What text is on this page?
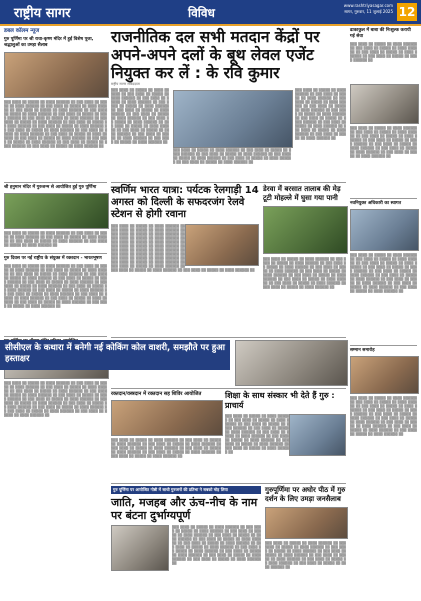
राष्ट्रीय सागर	विविध
www.rashtriyasagar.com
सागर, गुरुवार, 11 जुलाई 2025 12
डबल कॉलम न्यूज
गुरु पूर्णिमा पर श्री राधा-कृष्ण मंदिर में हुई विशेष पूजा, श्रद्धालुओं का उमड़ा सैलाब
▒▒▒ ▒▒▒▒ ▒▒ ▒▒▒▒▒ ▒▒ ▒▒▒▒ ▒▒▒▒▒▒ ▒▒ ▒▒▒ ▒▒▒▒ ▒▒ ▒▒▒▒▒ ▒▒ ▒▒▒▒ ▒▒▒▒▒▒ ▒▒ ▒▒▒ ▒▒▒▒ ▒▒ ▒▒▒▒▒ ▒▒ ▒▒▒▒ ▒▒▒▒▒▒ ▒▒ ▒▒▒ ▒▒▒▒ ▒▒ ▒▒▒▒▒ ▒▒ ▒▒▒▒ ▒▒▒▒▒▒ ▒▒ ▒▒▒ ▒▒▒▒ ▒▒ ▒▒▒▒▒ ▒▒ ▒▒▒▒ ▒▒▒▒▒▒ ▒▒ ▒▒▒ ▒▒▒▒ ▒▒ ▒▒▒▒▒ ▒▒ ▒▒▒▒ ▒▒▒▒▒▒ ▒▒ ▒▒▒ ▒▒▒▒ ▒▒ ▒▒▒▒▒ ▒▒ ▒▒▒▒ ▒▒▒▒▒▒ ▒▒ ▒▒▒ ▒▒▒▒ ▒▒ ▒▒▒▒▒ ▒▒ ▒▒▒▒ ▒▒▒▒▒▒ ▒▒ ▒▒▒ ▒▒▒▒ ▒▒ ▒▒▒▒▒ ▒▒ ▒▒▒▒ ▒▒▒▒▒▒ ▒▒ ▒▒▒ ▒▒▒▒ ▒▒ ▒▒▒▒▒ ▒▒ ▒▒▒▒ ▒▒▒▒▒▒ ▒▒ ▒▒▒ ▒▒▒▒ ▒▒ ▒▒▒▒▒ ▒▒ ▒▒▒▒ ▒▒▒▒▒▒ ▒▒ ▒▒▒ ▒▒▒▒ ▒▒ ▒▒▒▒▒ ▒▒ ▒▒▒▒ ▒▒▒▒▒▒ ▒▒ ▒▒▒ ▒▒▒▒ ▒▒ ▒▒▒▒▒ ▒▒ ▒▒▒▒ ▒▒▒▒▒▒ ▒▒ ▒▒▒ ▒▒▒▒ ▒▒ ▒▒▒▒▒ ▒▒ ▒▒▒▒ ▒▒▒▒▒▒ ▒▒ ▒▒▒ ▒▒▒▒ ▒▒ ▒▒▒▒▒ ▒▒ ▒▒▒▒ ▒▒▒▒▒▒ ▒▒ ▒▒▒ ▒▒▒▒ ▒▒ ▒▒▒▒▒ ▒▒ ▒▒▒▒ ▒▒▒▒▒▒ ▒▒ ▒▒▒ ▒▒▒▒ ▒▒ ▒▒▒▒▒ ▒▒ ▒▒▒▒ ▒▒▒▒▒▒ ▒▒
श्री हनुमान मंदिर में गुरुजन्म से आयोजित हुई गुरु पूर्णिमा
▒▒▒ ▒▒▒▒ ▒▒ ▒▒▒▒▒ ▒▒ ▒▒▒▒ ▒▒▒▒▒▒ ▒▒ ▒▒▒ ▒▒▒▒ ▒▒ ▒▒▒▒▒ ▒▒ ▒▒▒▒ ▒▒▒▒▒▒ ▒▒ ▒▒▒ ▒▒▒▒ ▒▒ ▒▒▒▒▒ ▒▒ ▒▒▒▒ ▒▒▒▒▒▒ ▒▒ ▒▒▒ ▒▒▒▒ ▒▒ ▒▒▒▒▒ ▒▒ ▒▒▒▒ ▒▒▒▒▒▒ ▒▒ ▒▒▒ ▒▒▒▒ ▒▒ ▒▒▒▒▒ ▒▒ ▒▒▒▒ ▒▒▒▒▒▒ ▒▒
गुरु दिवस पर नई राष्ट्रीय के संयुक्त में रक्तदान - भारतभूषण
▒▒▒ ▒▒▒▒ ▒▒ ▒▒▒▒▒ ▒▒ ▒▒▒▒ ▒▒▒▒▒▒ ▒▒ ▒▒▒ ▒▒▒▒ ▒▒ ▒▒▒▒▒ ▒▒ ▒▒▒▒ ▒▒▒▒▒▒ ▒▒ ▒▒▒ ▒▒▒▒ ▒▒ ▒▒▒▒▒ ▒▒ ▒▒▒▒ ▒▒▒▒▒▒ ▒▒ ▒▒▒ ▒▒▒▒ ▒▒ ▒▒▒▒▒ ▒▒ ▒▒▒▒ ▒▒▒▒▒▒ ▒▒ ▒▒▒ ▒▒▒▒ ▒▒ ▒▒▒▒▒ ▒▒ ▒▒▒▒ ▒▒▒▒▒▒ ▒▒ ▒▒▒ ▒▒▒▒ ▒▒ ▒▒▒▒▒ ▒▒ ▒▒▒▒ ▒▒▒▒▒▒ ▒▒ ▒▒▒ ▒▒▒▒ ▒▒ ▒▒▒▒▒ ▒▒ ▒▒▒▒ ▒▒▒▒▒▒ ▒▒ ▒▒▒ ▒▒▒▒ ▒▒ ▒▒▒▒▒ ▒▒ ▒▒▒▒ ▒▒▒▒▒▒ ▒▒ ▒▒▒ ▒▒▒▒ ▒▒ ▒▒▒▒▒ ▒▒ ▒▒▒▒ ▒▒▒▒▒▒ ▒▒ ▒▒▒ ▒▒▒▒ ▒▒ ▒▒▒▒▒ ▒▒ ▒▒▒▒ ▒▒▒▒▒▒ ▒▒ ▒▒▒ ▒▒▒▒ ▒▒ ▒▒▒▒▒ ▒▒ ▒▒▒▒ ▒▒▒▒▒▒ ▒▒ ▒▒▒ ▒▒▒▒ ▒▒ ▒▒▒▒▒ ▒▒ ▒▒▒▒ ▒▒▒▒▒▒ ▒▒ ▒▒▒ ▒▒▒▒ ▒▒ ▒▒▒▒▒ ▒▒ ▒▒▒▒ ▒▒▒▒▒▒ ▒▒ ▒▒▒ ▒▒▒▒ ▒▒ ▒▒▒▒▒ ▒▒ ▒▒▒▒ ▒▒▒▒▒▒ ▒▒ ▒▒▒ ▒▒▒▒ ▒▒ ▒▒▒▒▒ ▒▒ ▒▒▒▒ ▒▒▒▒▒▒ ▒▒
▒▒▒ ▒▒▒▒ ▒▒ ▒▒▒▒▒ ▒▒ ▒▒▒▒ ▒▒▒▒▒▒ ▒▒ ▒▒▒ ▒▒▒▒ ▒▒ ▒▒▒▒▒ ▒▒ ▒▒▒▒ ▒▒▒▒▒▒ ▒▒ ▒▒▒ ▒▒▒▒ ▒▒ ▒▒▒▒▒ ▒▒ ▒▒▒▒ ▒▒▒▒▒▒ ▒▒ ▒▒▒ ▒▒▒▒ ▒▒ ▒▒▒▒▒ ▒▒ ▒▒▒▒ ▒▒▒▒▒▒ ▒▒ ▒▒▒ ▒▒▒▒ ▒▒ ▒▒▒▒▒ ▒▒ ▒▒▒▒ ▒▒▒▒▒▒ ▒▒ ▒▒▒ ▒▒▒▒ ▒▒ ▒▒▒▒▒ ▒▒ ▒▒▒▒ ▒▒▒▒▒▒ ▒▒ ▒▒▒ ▒▒▒▒ ▒▒ ▒▒▒▒▒ ▒▒ ▒▒▒▒ ▒▒▒▒▒▒ ▒▒ ▒▒▒ ▒▒▒▒ ▒▒ ▒▒▒▒▒ ▒▒ ▒▒▒▒ ▒▒▒▒▒▒ ▒▒ ▒▒▒ ▒▒▒▒ ▒▒ ▒▒▒▒▒ ▒▒ ▒▒▒▒ ▒▒▒▒▒▒ ▒▒ ▒▒▒ ▒▒▒▒ ▒▒ ▒▒▒▒▒ ▒▒ ▒▒▒▒ ▒▒▒▒▒▒ ▒▒ ▒▒▒ ▒▒▒▒ ▒▒ ▒▒▒▒▒ ▒▒ ▒▒▒▒ ▒▒▒▒▒▒ ▒▒ ▒▒▒ ▒▒▒▒ ▒▒ ▒▒▒▒▒ ▒▒ ▒▒▒▒ ▒▒▒▒▒▒ ▒▒
राजनीतिक दल सभी मतदान केंद्रों पर अपने-अपने दलों के बूथ लेवल एजेंट नियुक्त कर लें : के रवि कुमार
राष्ट्रीय सागर संवाददाता
▒▒▒ ▒▒▒▒ ▒▒ ▒▒▒▒▒ ▒▒ ▒▒▒▒ ▒▒▒▒▒▒ ▒▒ ▒▒▒ ▒▒▒▒ ▒▒ ▒▒▒▒▒ ▒▒ ▒▒▒▒ ▒▒▒▒▒▒ ▒▒ ▒▒▒ ▒▒▒▒ ▒▒ ▒▒▒▒▒ ▒▒ ▒▒▒▒ ▒▒▒▒▒▒ ▒▒ ▒▒▒ ▒▒▒▒ ▒▒ ▒▒▒▒▒ ▒▒ ▒▒▒▒ ▒▒▒▒▒▒ ▒▒ ▒▒▒ ▒▒▒▒ ▒▒ ▒▒▒▒▒ ▒▒ ▒▒▒▒ ▒▒▒▒▒▒ ▒▒ ▒▒▒ ▒▒▒▒ ▒▒ ▒▒▒▒▒ ▒▒ ▒▒▒▒ ▒▒▒▒▒▒ ▒▒ ▒▒▒ ▒▒▒▒ ▒▒ ▒▒▒▒▒ ▒▒ ▒▒▒▒ ▒▒▒▒▒▒ ▒▒ ▒▒▒ ▒▒▒▒ ▒▒ ▒▒▒▒▒ ▒▒ ▒▒▒▒ ▒▒▒▒▒▒ ▒▒ ▒▒▒ ▒▒▒▒ ▒▒ ▒▒▒▒▒ ▒▒ ▒▒▒▒ ▒▒▒▒▒▒ ▒▒ ▒▒▒ ▒▒▒▒ ▒▒ ▒▒▒▒▒ ▒▒ ▒▒▒▒ ▒▒▒▒▒▒ ▒▒ ▒▒▒ ▒▒▒▒ ▒▒ ▒▒▒▒▒ ▒▒ ▒▒▒▒ ▒▒▒▒▒▒ ▒▒
▒▒▒ ▒▒▒▒ ▒▒ ▒▒▒▒▒ ▒▒ ▒▒▒▒ ▒▒▒▒▒▒ ▒▒ ▒▒▒ ▒▒▒▒ ▒▒ ▒▒▒▒▒ ▒▒ ▒▒▒▒ ▒▒▒▒▒▒ ▒▒ ▒▒▒ ▒▒▒▒ ▒▒ ▒▒▒▒▒ ▒▒ ▒▒▒▒ ▒▒▒▒▒▒ ▒▒ ▒▒▒ ▒▒▒▒ ▒▒ ▒▒▒▒▒ ▒▒ ▒▒▒▒ ▒▒▒▒▒▒ ▒▒ ▒▒▒ ▒▒▒▒ ▒▒ ▒▒▒▒▒ ▒▒ ▒▒▒▒ ▒▒▒▒▒▒ ▒▒ ▒▒▒ ▒▒▒▒ ▒▒ ▒▒▒▒▒ ▒▒ ▒▒▒▒ ▒▒▒▒▒▒ ▒▒
▒▒▒ ▒▒▒▒ ▒▒ ▒▒▒▒▒ ▒▒ ▒▒▒▒ ▒▒▒▒▒▒ ▒▒ ▒▒▒ ▒▒▒▒ ▒▒ ▒▒▒▒▒ ▒▒ ▒▒▒▒ ▒▒▒▒▒▒ ▒▒ ▒▒▒ ▒▒▒▒ ▒▒ ▒▒▒▒▒ ▒▒ ▒▒▒▒ ▒▒▒▒▒▒ ▒▒ ▒▒▒ ▒▒▒▒ ▒▒ ▒▒▒▒▒ ▒▒ ▒▒▒▒ ▒▒▒▒▒▒ ▒▒ ▒▒▒ ▒▒▒▒ ▒▒ ▒▒▒▒▒ ▒▒ ▒▒▒▒ ▒▒▒▒▒▒ ▒▒ ▒▒▒ ▒▒▒▒ ▒▒ ▒▒▒▒▒ ▒▒ ▒▒▒▒ ▒▒▒▒▒▒ ▒▒ ▒▒▒ ▒▒▒▒ ▒▒ ▒▒▒▒▒ ▒▒ ▒▒▒▒ ▒▒▒▒▒▒ ▒▒ ▒▒▒ ▒▒▒▒ ▒▒ ▒▒▒▒▒ ▒▒ ▒▒▒▒ ▒▒▒▒▒▒ ▒▒ ▒▒▒ ▒▒▒▒ ▒▒ ▒▒▒▒▒ ▒▒ ▒▒▒▒ ▒▒▒▒▒▒ ▒▒
स्वर्णिम भारत यात्रा: पर्यटक रेलगाड़ी 14 अगस्त को दिल्ली के सफदरजंग रेलवे स्टेशन से होगी रवाना
▒▒▒ ▒▒▒▒ ▒▒ ▒▒▒▒▒ ▒▒ ▒▒▒▒ ▒▒▒▒▒▒ ▒▒ ▒▒▒ ▒▒▒▒ ▒▒ ▒▒▒▒▒ ▒▒ ▒▒▒▒ ▒▒▒▒▒▒ ▒▒ ▒▒▒ ▒▒▒▒ ▒▒ ▒▒▒▒▒ ▒▒ ▒▒▒▒ ▒▒▒▒▒▒ ▒▒ ▒▒▒ ▒▒▒▒ ▒▒ ▒▒▒▒▒ ▒▒ ▒▒▒▒ ▒▒▒▒▒▒ ▒▒ ▒▒▒ ▒▒▒▒ ▒▒ ▒▒▒▒▒ ▒▒ ▒▒▒▒ ▒▒▒▒▒▒ ▒▒ ▒▒▒ ▒▒▒▒ ▒▒ ▒▒▒▒▒ ▒▒ ▒▒▒▒ ▒▒▒▒▒▒ ▒▒ ▒▒▒ ▒▒▒▒ ▒▒ ▒▒▒▒▒ ▒▒ ▒▒▒▒ ▒▒▒▒▒▒ ▒▒ ▒▒▒ ▒▒▒▒ ▒▒ ▒▒▒▒▒ ▒▒ ▒▒▒▒ ▒▒▒▒▒▒ ▒▒ ▒▒▒ ▒▒▒▒ ▒▒ ▒▒▒▒▒ ▒▒ ▒▒▒▒ ▒▒▒▒▒▒ ▒▒ ▒▒▒ ▒▒▒▒ ▒▒ ▒▒▒▒▒ ▒▒ ▒▒▒▒ ▒▒▒▒▒▒ ▒▒ ▒▒▒ ▒▒▒▒ ▒▒ ▒▒▒▒▒ ▒▒ ▒▒▒▒ ▒▒▒▒▒▒ ▒▒ ▒▒▒ ▒▒▒▒ ▒▒ ▒▒▒▒▒ ▒▒ ▒▒▒▒ ▒▒▒▒▒▒ ▒▒ ▒▒▒ ▒▒▒▒ ▒▒ ▒▒▒▒▒ ▒▒ ▒▒▒▒ ▒▒▒▒▒▒ ▒▒
डेरवा में बरसात तालाब की मेड़ टूटी मोहल्ले में घुसा गया पानी
▒▒▒ ▒▒▒▒ ▒▒ ▒▒▒▒▒ ▒▒ ▒▒▒▒ ▒▒▒▒▒▒ ▒▒ ▒▒▒ ▒▒▒▒ ▒▒ ▒▒▒▒▒ ▒▒ ▒▒▒▒ ▒▒▒▒▒▒ ▒▒ ▒▒▒ ▒▒▒▒ ▒▒ ▒▒▒▒▒ ▒▒ ▒▒▒▒ ▒▒▒▒▒▒ ▒▒ ▒▒▒ ▒▒▒▒ ▒▒ ▒▒▒▒▒ ▒▒ ▒▒▒▒ ▒▒▒▒▒▒ ▒▒ ▒▒▒ ▒▒▒▒ ▒▒ ▒▒▒▒▒ ▒▒ ▒▒▒▒ ▒▒▒▒▒▒ ▒▒ ▒▒▒ ▒▒▒▒ ▒▒ ▒▒▒▒▒ ▒▒ ▒▒▒▒ ▒▒▒▒▒▒ ▒▒ ▒▒▒ ▒▒▒▒ ▒▒ ▒▒▒▒▒ ▒▒ ▒▒▒▒ ▒▒▒▒▒▒ ▒▒ ▒▒▒ ▒▒▒▒ ▒▒ ▒▒▒▒▒ ▒▒ ▒▒▒▒ ▒▒▒▒▒▒ ▒▒ ▒▒▒ ▒▒▒▒ ▒▒ ▒▒▒▒▒ ▒▒ ▒▒▒▒ ▒▒▒▒▒▒ ▒▒
सीसीएल के कथारा में बनेगी नई कोकिंग कोल वाशरी, समझौते पर हुआ हस्ताक्षर
रक्तदान/वस्त्रदान में रक्तदान सह शिविर आयोजित
▒▒▒ ▒▒▒▒ ▒▒ ▒▒▒▒▒ ▒▒ ▒▒▒▒ ▒▒▒▒▒▒ ▒▒ ▒▒▒ ▒▒▒▒ ▒▒ ▒▒▒▒▒ ▒▒ ▒▒▒▒ ▒▒▒▒▒▒ ▒▒ ▒▒▒ ▒▒▒▒ ▒▒ ▒▒▒▒▒ ▒▒ ▒▒▒▒ ▒▒▒▒▒▒ ▒▒ ▒▒▒ ▒▒▒▒ ▒▒ ▒▒▒▒▒ ▒▒ ▒▒▒▒ ▒▒▒▒▒▒ ▒▒ ▒▒▒ ▒▒▒▒ ▒▒ ▒▒▒▒▒ ▒▒ ▒▒▒▒ ▒▒▒▒▒▒ ▒▒ ▒▒▒ ▒▒▒▒ ▒▒ ▒▒▒▒▒ ▒▒ ▒▒▒▒ ▒▒▒▒▒▒ ▒▒ ▒▒▒ ▒▒▒▒ ▒▒ ▒▒▒▒▒ ▒▒ ▒▒▒▒ ▒▒▒▒▒▒ ▒▒
शिक्षा के साथ संस्कार भी देते हैं गुरु : प्राचार्य
▒▒▒ ▒▒▒▒ ▒▒ ▒▒▒▒▒ ▒▒ ▒▒▒▒ ▒▒▒▒▒▒ ▒▒ ▒▒▒ ▒▒▒▒ ▒▒ ▒▒▒▒▒ ▒▒ ▒▒▒▒ ▒▒▒▒▒▒ ▒▒ ▒▒▒ ▒▒▒▒ ▒▒ ▒▒▒▒▒ ▒▒ ▒▒▒▒ ▒▒▒▒▒▒ ▒▒ ▒▒▒ ▒▒▒▒ ▒▒ ▒▒▒▒▒ ▒▒ ▒▒▒▒ ▒▒▒▒▒▒ ▒▒ ▒▒▒ ▒▒▒▒ ▒▒ ▒▒▒▒▒ ▒▒ ▒▒▒▒ ▒▒▒▒▒▒ ▒▒ ▒▒▒ ▒▒▒▒ ▒▒ ▒▒▒▒▒ ▒▒ ▒▒▒▒ ▒▒▒▒▒▒ ▒▒ ▒▒▒ ▒▒▒▒ ▒▒ ▒▒▒▒▒ ▒▒ ▒▒▒▒ ▒▒▒▒▒▒ ▒▒ ▒▒▒ ▒▒▒▒ ▒▒ ▒▒▒▒▒ ▒▒ ▒▒▒▒ ▒▒▒▒▒▒ ▒▒
गुरु पूर्णिमा पर आयोजित गोष्ठी में साथी गुरुजनों की प्रतिभा ने सबको मोह लिया
जाति, मजहब और ऊंच-नीच के नाम पर बंटना दुर्भाग्यपूर्ण
▒▒▒ ▒▒▒▒ ▒▒ ▒▒▒▒▒ ▒▒ ▒▒▒▒ ▒▒▒▒▒▒ ▒▒ ▒▒▒ ▒▒▒▒ ▒▒ ▒▒▒▒▒ ▒▒ ▒▒▒▒ ▒▒▒▒▒▒ ▒▒ ▒▒▒ ▒▒▒▒ ▒▒ ▒▒▒▒▒ ▒▒ ▒▒▒▒ ▒▒▒▒▒▒ ▒▒ ▒▒▒ ▒▒▒▒ ▒▒ ▒▒▒▒▒ ▒▒ ▒▒▒▒ ▒▒▒▒▒▒ ▒▒ ▒▒▒ ▒▒▒▒ ▒▒ ▒▒▒▒▒ ▒▒ ▒▒▒▒ ▒▒▒▒▒▒ ▒▒ ▒▒▒ ▒▒▒▒ ▒▒ ▒▒▒▒▒ ▒▒ ▒▒▒▒ ▒▒▒▒▒▒ ▒▒ ▒▒▒ ▒▒▒▒ ▒▒ ▒▒▒▒▒ ▒▒ ▒▒▒▒ ▒▒▒▒▒▒ ▒▒ ▒▒▒ ▒▒▒▒ ▒▒ ▒▒▒▒▒ ▒▒ ▒▒▒▒ ▒▒▒▒▒▒ ▒▒ ▒▒▒ ▒▒▒▒ ▒▒ ▒▒▒▒▒ ▒▒ ▒▒▒▒ ▒▒▒▒▒▒ ▒▒ ▒▒▒ ▒▒▒▒ ▒▒ ▒▒▒▒▒ ▒▒ ▒▒▒▒ ▒▒▒▒▒▒ ▒▒ ▒▒▒ ▒▒▒▒ ▒▒ ▒▒▒▒▒ ▒▒ ▒▒▒▒ ▒▒▒▒▒▒ ▒▒
गुरुपूर्णिमा पर अघोर पीठ में गुरु दर्शन के लिए उमड़ा जनसैलाब
▒▒▒ ▒▒▒▒ ▒▒ ▒▒▒▒▒ ▒▒ ▒▒▒▒ ▒▒▒▒▒▒ ▒▒ ▒▒▒ ▒▒▒▒ ▒▒ ▒▒▒▒▒ ▒▒ ▒▒▒▒ ▒▒▒▒▒▒ ▒▒ ▒▒▒ ▒▒▒▒ ▒▒ ▒▒▒▒▒ ▒▒ ▒▒▒▒ ▒▒▒▒▒▒ ▒▒ ▒▒▒ ▒▒▒▒ ▒▒ ▒▒▒▒▒ ▒▒ ▒▒▒▒ ▒▒▒▒▒▒ ▒▒ ▒▒▒ ▒▒▒▒ ▒▒ ▒▒▒▒▒ ▒▒ ▒▒▒▒ ▒▒▒▒▒▒ ▒▒ ▒▒▒ ▒▒▒▒ ▒▒ ▒▒▒▒▒ ▒▒ ▒▒▒▒ ▒▒▒▒▒▒ ▒▒ ▒▒▒ ▒▒▒▒ ▒▒ ▒▒▒▒▒ ▒▒ ▒▒▒▒ ▒▒▒▒▒▒ ▒▒
ढाकाकुल में बाबा की निःशुल्क करायी गई सेवा
▒▒▒ ▒▒▒▒ ▒▒ ▒▒▒▒▒ ▒▒ ▒▒▒▒ ▒▒▒▒▒▒ ▒▒ ▒▒▒ ▒▒▒▒ ▒▒ ▒▒▒▒▒ ▒▒ ▒▒▒▒ ▒▒▒▒▒▒ ▒▒ ▒▒▒ ▒▒▒▒ ▒▒ ▒▒▒▒▒ ▒▒ ▒▒▒▒ ▒▒▒▒▒▒ ▒▒ ▒▒▒ ▒▒▒▒ ▒▒ ▒▒▒▒▒ ▒▒ ▒▒▒▒ ▒▒▒▒▒▒ ▒▒
▒▒▒ ▒▒▒▒ ▒▒ ▒▒▒▒▒ ▒▒ ▒▒▒▒ ▒▒▒▒▒▒ ▒▒ ▒▒▒ ▒▒▒▒ ▒▒ ▒▒▒▒▒ ▒▒ ▒▒▒▒ ▒▒▒▒▒▒ ▒▒ ▒▒▒ ▒▒▒▒ ▒▒ ▒▒▒▒▒ ▒▒ ▒▒▒▒ ▒▒▒▒▒▒ ▒▒ ▒▒▒ ▒▒▒▒ ▒▒ ▒▒▒▒▒ ▒▒ ▒▒▒▒ ▒▒▒▒▒▒ ▒▒ ▒▒▒ ▒▒▒▒ ▒▒ ▒▒▒▒▒ ▒▒ ▒▒▒▒ ▒▒▒▒▒▒ ▒▒ ▒▒▒ ▒▒▒▒ ▒▒ ▒▒▒▒▒ ▒▒ ▒▒▒▒ ▒▒▒▒▒▒ ▒▒ ▒▒▒ ▒▒▒▒ ▒▒ ▒▒▒▒▒ ▒▒ ▒▒▒▒ ▒▒▒▒▒▒ ▒▒
नवनियुक्त अधिकारी का स्वागत
▒▒▒ ▒▒▒▒ ▒▒ ▒▒▒▒▒ ▒▒ ▒▒▒▒ ▒▒▒▒▒▒ ▒▒ ▒▒▒ ▒▒▒▒ ▒▒ ▒▒▒▒▒ ▒▒ ▒▒▒▒ ▒▒▒▒▒▒ ▒▒ ▒▒▒ ▒▒▒▒ ▒▒ ▒▒▒▒▒ ▒▒ ▒▒▒▒ ▒▒▒▒▒▒ ▒▒ ▒▒▒ ▒▒▒▒ ▒▒ ▒▒▒▒▒ ▒▒ ▒▒▒▒ ▒▒▒▒▒▒ ▒▒ ▒▒▒ ▒▒▒▒ ▒▒ ▒▒▒▒▒ ▒▒ ▒▒▒▒ ▒▒▒▒▒▒ ▒▒ ▒▒▒ ▒▒▒▒ ▒▒ ▒▒▒▒▒ ▒▒ ▒▒▒▒ ▒▒▒▒▒▒ ▒▒ ▒▒▒ ▒▒▒▒ ▒▒ ▒▒▒▒▒ ▒▒ ▒▒▒▒ ▒▒▒▒▒▒ ▒▒ ▒▒▒ ▒▒▒▒ ▒▒ ▒▒▒▒▒ ▒▒ ▒▒▒▒ ▒▒▒▒▒▒ ▒▒ ▒▒▒ ▒▒▒▒ ▒▒ ▒▒▒▒▒ ▒▒ ▒▒▒▒ ▒▒▒▒▒▒ ▒▒
सम्मान समारोह
▒▒▒ ▒▒▒▒ ▒▒ ▒▒▒▒▒ ▒▒ ▒▒▒▒ ▒▒▒▒▒▒ ▒▒ ▒▒▒ ▒▒▒▒ ▒▒ ▒▒▒▒▒ ▒▒ ▒▒▒▒ ▒▒▒▒▒▒ ▒▒ ▒▒▒ ▒▒▒▒ ▒▒ ▒▒▒▒▒ ▒▒ ▒▒▒▒ ▒▒▒▒▒▒ ▒▒ ▒▒▒ ▒▒▒▒ ▒▒ ▒▒▒▒▒ ▒▒ ▒▒▒▒ ▒▒▒▒▒▒ ▒▒ ▒▒▒ ▒▒▒▒ ▒▒ ▒▒▒▒▒ ▒▒ ▒▒▒▒ ▒▒▒▒▒▒ ▒▒ ▒▒▒ ▒▒▒▒ ▒▒ ▒▒▒▒▒ ▒▒ ▒▒▒▒ ▒▒▒▒▒▒ ▒▒ ▒▒▒ ▒▒▒▒ ▒▒ ▒▒▒▒▒ ▒▒ ▒▒▒▒ ▒▒▒▒▒▒ ▒▒ ▒▒▒ ▒▒▒▒ ▒▒ ▒▒▒▒▒ ▒▒ ▒▒▒▒ ▒▒▒▒▒▒ ▒▒ ▒▒▒ ▒▒▒▒ ▒▒ ▒▒▒▒▒ ▒▒ ▒▒▒▒ ▒▒▒▒▒▒ ▒▒
